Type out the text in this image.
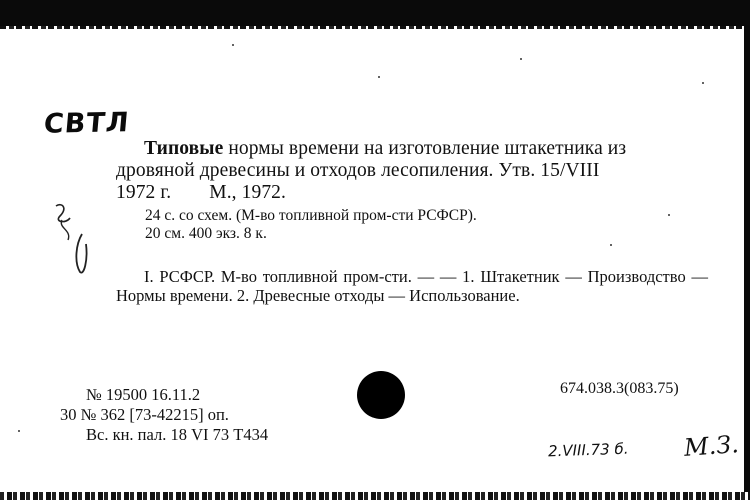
СВТЛ
Типовые нормы времени на изготовление штакетника из
дровяной древесины и отходов лесопиления. Утв. 15/VIII
1972 г. М., 1972.
24 с. со схем. (М-во топливной пром-сти РСФСР).
20 см. 400 экз. 8 к.
I. РСФСР. М-во топливной пром-сти. — — 1. Штакетник — Производство — Нормы времени. 2. Древесные отходы — Использование.
№ 19500 16.11.2
30 № 362 [73-42215] оп.
Вс. кн. пал. 18 VI 73 Т434
674.038.3(083.75)
2.VIII.73 б. М.З.
